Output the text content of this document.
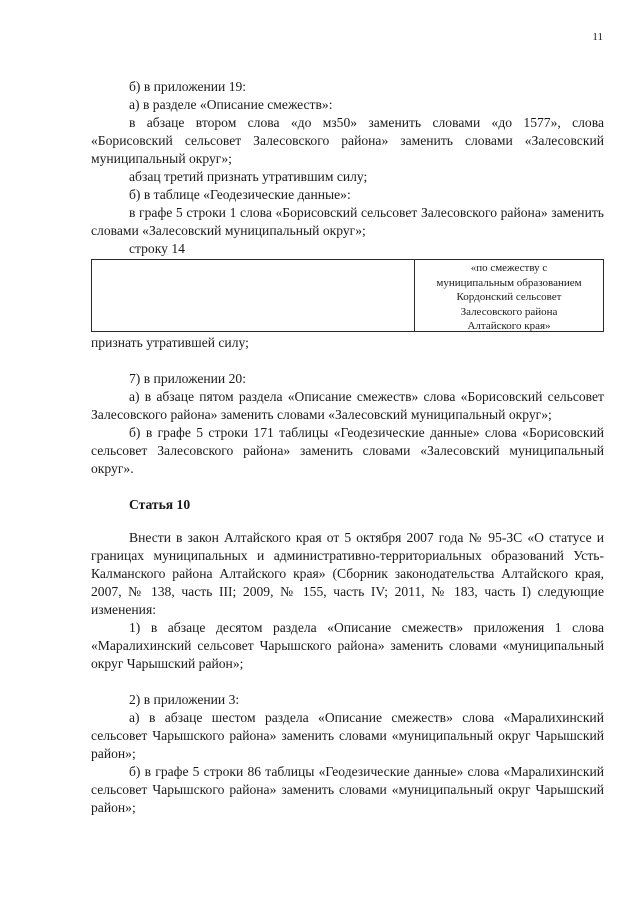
11

б) в приложении 19:

а) в разделе «Описание смежеств»:

в абзаце втором слова «до мз50» заменить словами «до 1577», слова «Борисовский сельсовет Залесовского района» заменить словами «Залесовский муниципальный округ»;

абзац третий признать утратившим силу;

б) в таблице «Геодезические данные»:

в графе 5 строки 1 слова «Борисовский сельсовет Залесовского района» заменить словами «Залесовский муниципальный округ»;

строку 14

«по смежеству с
муниципальным образованием
Кордонский сельсовет
Залесовского района
Алтайского края»

признать утратившей силу;

7) в приложении 20:

а) в абзаце пятом раздела «Описание смежеств» слова «Борисовский сельсовет Залесовского района» заменить словами «Залесовский муниципальный округ»;

б) в графе 5 строки 171 таблицы «Геодезические данные» слова «Борисовский сельсовет Залесовского района» заменить словами «Залесовский муниципальный округ».

Статья 10

Внести в закон Алтайского края от 5 октября 2007 года № 95-ЗС «О статусе и границах муниципальных и административно-территориальных образований Усть-Калманского района Алтайского края» (Сборник законодательства Алтайского края, 2007, № 138, часть III; 2009, № 155, часть IV; 2011, № 183, часть I) следующие изменения:

1) в абзаце десятом раздела «Описание смежеств» приложения 1 слова «Маралихинский сельсовет Чарышского района» заменить словами «муниципальный округ Чарышский район»;

2) в приложении 3:

а) в абзаце шестом раздела «Описание смежеств» слова «Маралихинский сельсовет Чарышского района» заменить словами «муниципальный округ Чарышский район»;

б) в графе 5 строки 86 таблицы «Геодезические данные» слова «Маралихинский сельсовет Чарышского района» заменить словами «муниципальный округ Чарышский район»;
